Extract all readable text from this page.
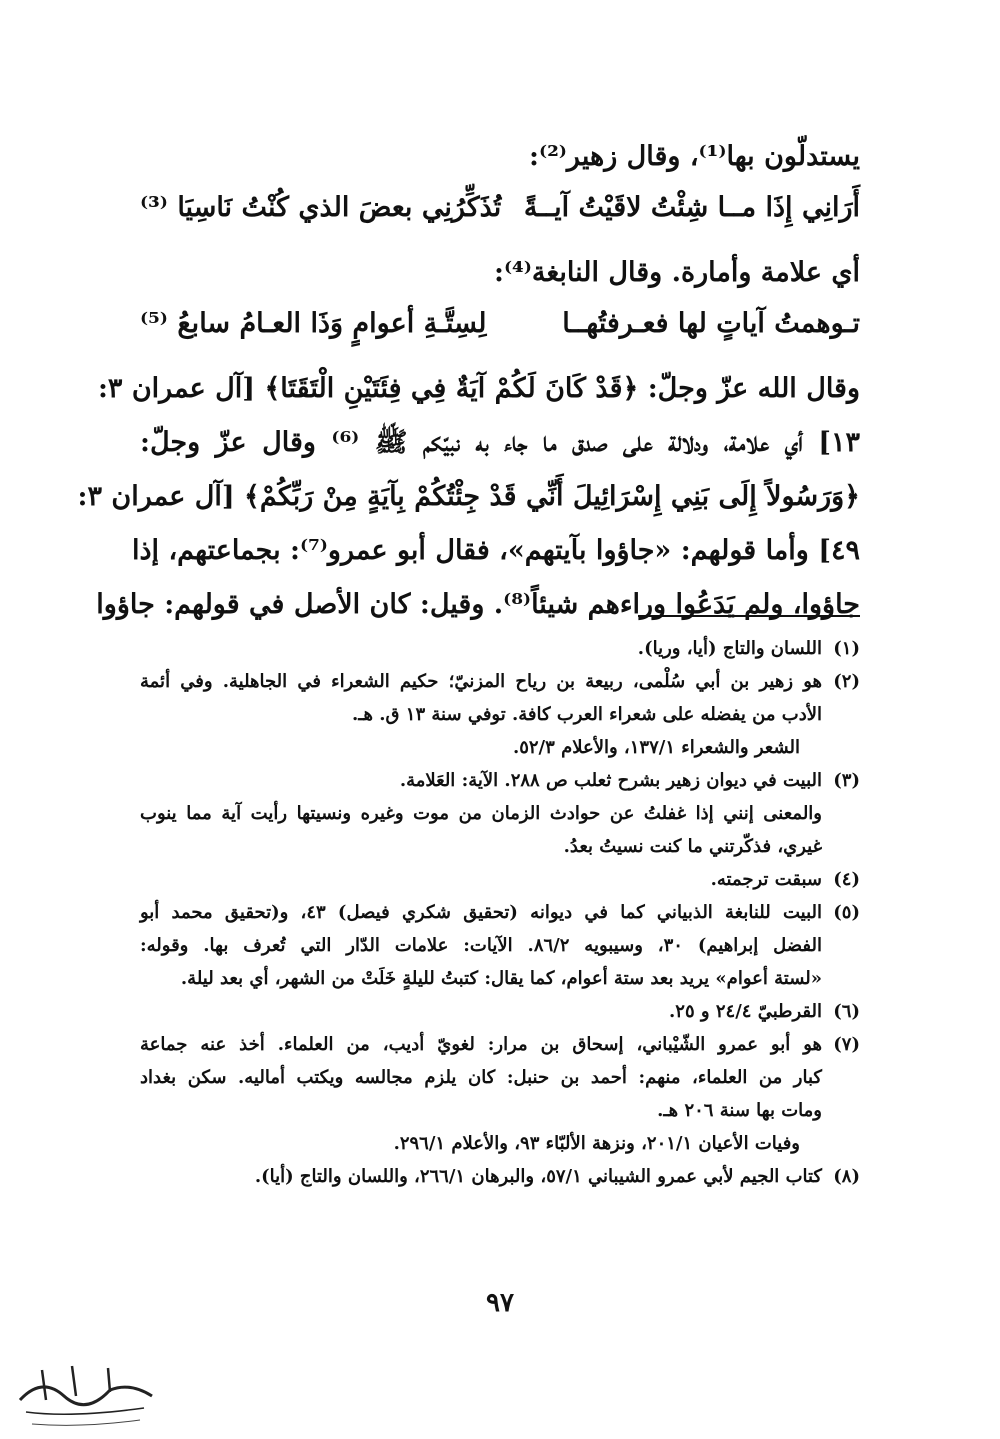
يستدلّون بها⁽¹⁾، وقال زهير⁽²⁾:
أَرَانِي إِذَا مــا شِئْتُ لاقَيْتُ آيــةً
تُذَكِّرُنِي بعضَ الذي كُنْتُ نَاسِيَا ⁽³⁾
أي علامة وأمارة. وقال النابغة⁽⁴⁾:
تـوهمتُ آياتٍ لها فعـرفتُهــا
لِسِتَّـةِ أعوامٍ وَذَا العـامُ سابعُ ⁽⁵⁾
وقال الله عزّ وجلّ: ﴿قَدْ كَانَ لَكُمْ آيَةٌ فِي فِئَتَيْنِ الْتَقَتَا﴾ [آل عمران ٣:
١٣] أي علامة، ودلالة على صدق ما جاء به نبيّكم ﷺ ⁽⁶⁾ وقال عزّ وجلّ:
﴿وَرَسُولاً إِلَى بَنِي إِسْرَائِيلَ أَنِّي قَدْ جِئْتُكُمْ بِآيَةٍ مِنْ رَبِّكُمْ﴾ [آل عمران ٣:
٤٩] وأما قولهم: «جاؤوا بآيتهم»، فقال أبو عمرو⁽⁷⁾: بجماعتهم، إذا
جاؤوا، ولم يَدَعُوا وراءهم شيئاً⁽⁸⁾. وقيل: كان الأصل في قولهم: جاؤوا
(١)
اللسان والتاج (أيا، وريا).
(٢)
هو زهير بن أبي سُلْمى، ربيعة بن رياح المزنيّ؛ حكيم الشعراء في الجاهلية. وفي أئمة
الأدب من يفضله على شعراء العرب كافة. توفي سنة ١٣ ق. هـ.
الشعر والشعراء ١٣٧/١، والأعلام ٥٢/٣.
(٣)
البيت في ديوان زهير بشرح ثعلب ص ٢٨٨. الآية: العَلامة.
والمعنى إنني إذا غفلتُ عن حوادث الزمان من موت وغيره ونسيتها رأيت آية مما ينوب
غيري، فذكّرتني ما كنت نسيتُ بعدُ.
(٤)
سبقت ترجمته.
(٥)
البيت للنابغة الذبياني كما في ديوانه (تحقيق شكري فيصل) ٤٣، و(تحقيق محمد أبو
الفضل إبراهيم) ٣٠، وسيبويه ٨٦/٢. الآيات: علامات الدّار التي تُعرف بها. وقوله:
«لستة أعوام» يريد بعد ستة أعوام، كما يقال: كتبتُ لليلةٍ خَلَتْ من الشهر، أي بعد ليلة.
(٦)
القرطبيّ ٢٤/٤ و ٢٥.
(٧)
هو أبو عمرو الشّيْباني، إسحاق بن مرار: لغويّ أديب، من العلماء. أخذ عنه جماعة
كبار من العلماء، منهم: أحمد بن حنبل: كان يلزم مجالسه ويكتب أماليه. سكن بغداد
ومات بها سنة ٢٠٦ هـ.
وفيات الأعيان ٢٠١/١، ونزهة الألبّاء ٩٣، والأعلام ٢٩٦/١.
(٨)
كتاب الجيم لأبي عمرو الشيباني ٥٧/١، والبرهان ٢٦٦/١، واللسان والتاج (أيا).
٩٧
